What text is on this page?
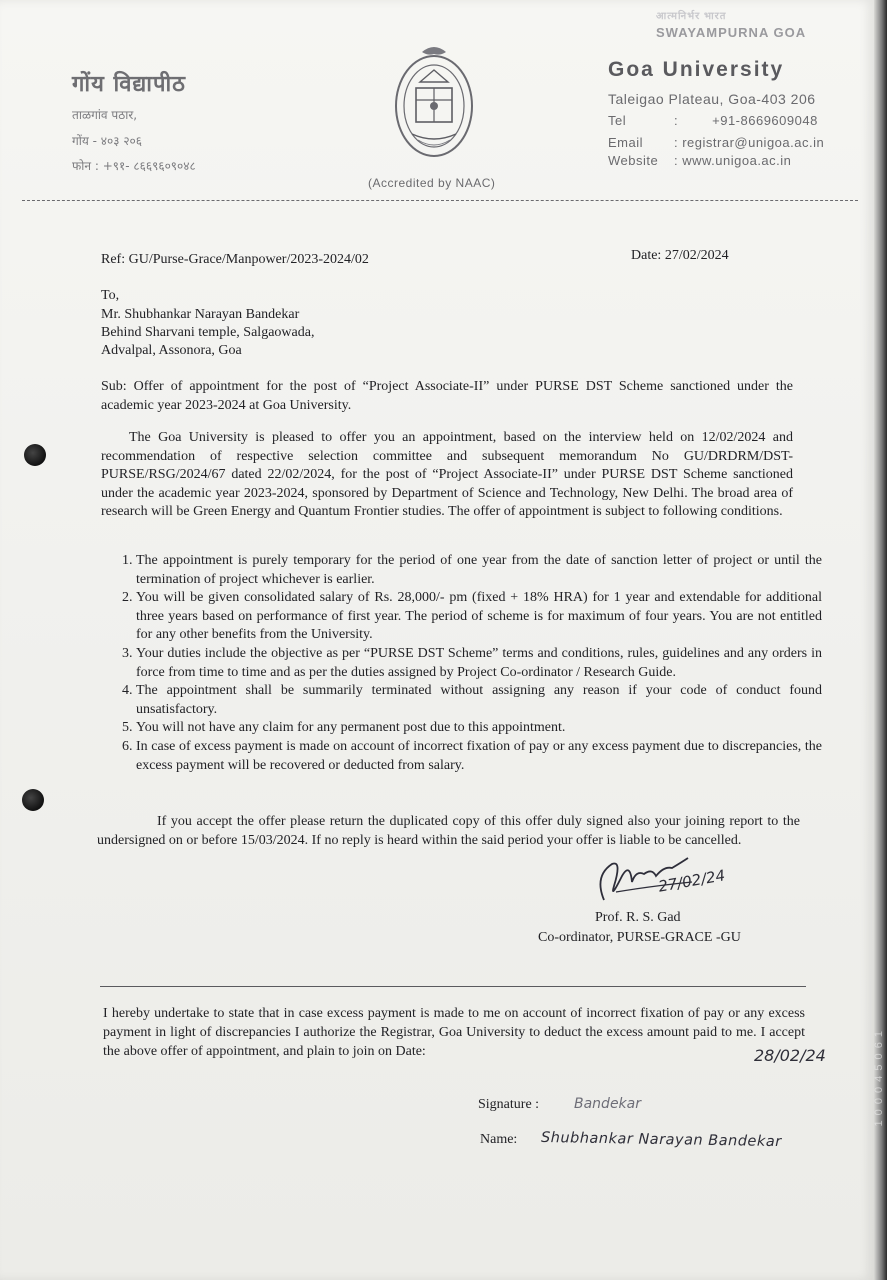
आत्मनिर्भर भारत
SWAYAMPURNA GOA
गोंय विद्यापीठ
ताळगांव पठार,
गोंय - ४०३ २०६
फोन : +९१- ८६६९६०९०४८
(Accredited by NAAC)
Goa University
Taleigao Plateau, Goa-403 206
Tel	:	+91-8669609048
Email : registrar@unigoa.ac.in
Website : www.unigoa.ac.in
Ref: GU/Purse-Grace/Manpower/2023-2024/02	Date: 27/02/2024
To,
Mr. Shubhankar Narayan Bandekar
Behind Sharvani temple, Salgaowada,
Advalpal, Assonora, Goa
Sub: Offer of appointment for the post of “Project Associate-II” under PURSE DST Scheme sanctioned under the academic year 2023-2024 at Goa University.
The Goa University is pleased to offer you an appointment, based on the interview held on 12/02/2024 and recommendation of respective selection committee and subsequent memorandum No GU/DRDRM/DST-PURSE/RSG/2024/67 dated 22/02/2024, for the post of “Project Associate-II” under PURSE DST Scheme sanctioned under the academic year 2023-2024, sponsored by Department of Science and Technology, New Delhi. The broad area of research will be Green Energy and Quantum Frontier studies. The offer of appointment is subject to following conditions.
1. The appointment is purely temporary for the period of one year from the date of sanction letter of project or until the termination of project whichever is earlier.
2. You will be given consolidated salary of Rs. 28,000/- pm (fixed + 18% HRA) for 1 year and extendable for additional three years based on performance of first year. The period of scheme is for maximum of four years. You are not entitled for any other benefits from the University.
3. Your duties include the objective as per “PURSE DST Scheme” terms and conditions, rules, guidelines and any orders in force from time to time and as per the duties assigned by Project Co-ordinator / Research Guide.
4. The appointment shall be summarily terminated without assigning any reason if your code of conduct found unsatisfactory.
5. You will not have any claim for any permanent post due to this appointment.
6. In case of excess payment is made on account of incorrect fixation of pay or any excess payment due to discrepancies, the excess payment will be recovered or deducted from salary.
If you accept the offer please return the duplicated copy of this offer duly signed also your joining report to the undersigned on or before 15/03/2024. If no reply is heard within the said period your offer is liable to be cancelled.
27/02/24
Prof. R. S. Gad
Co-ordinator, PURSE-GRACE -GU
I hereby undertake to state that in case excess payment is made to me on account of incorrect fixation of pay or any excess payment in light of discrepancies I authorize the Registrar, Goa University to deduct the excess amount paid to me. I accept the above offer of appointment, and plain to join on Date:	28/02/24
Signature : Bandekar
Name: Shubhankar Narayan Bandekar
1 0 0 0 4 5 0 6 1
